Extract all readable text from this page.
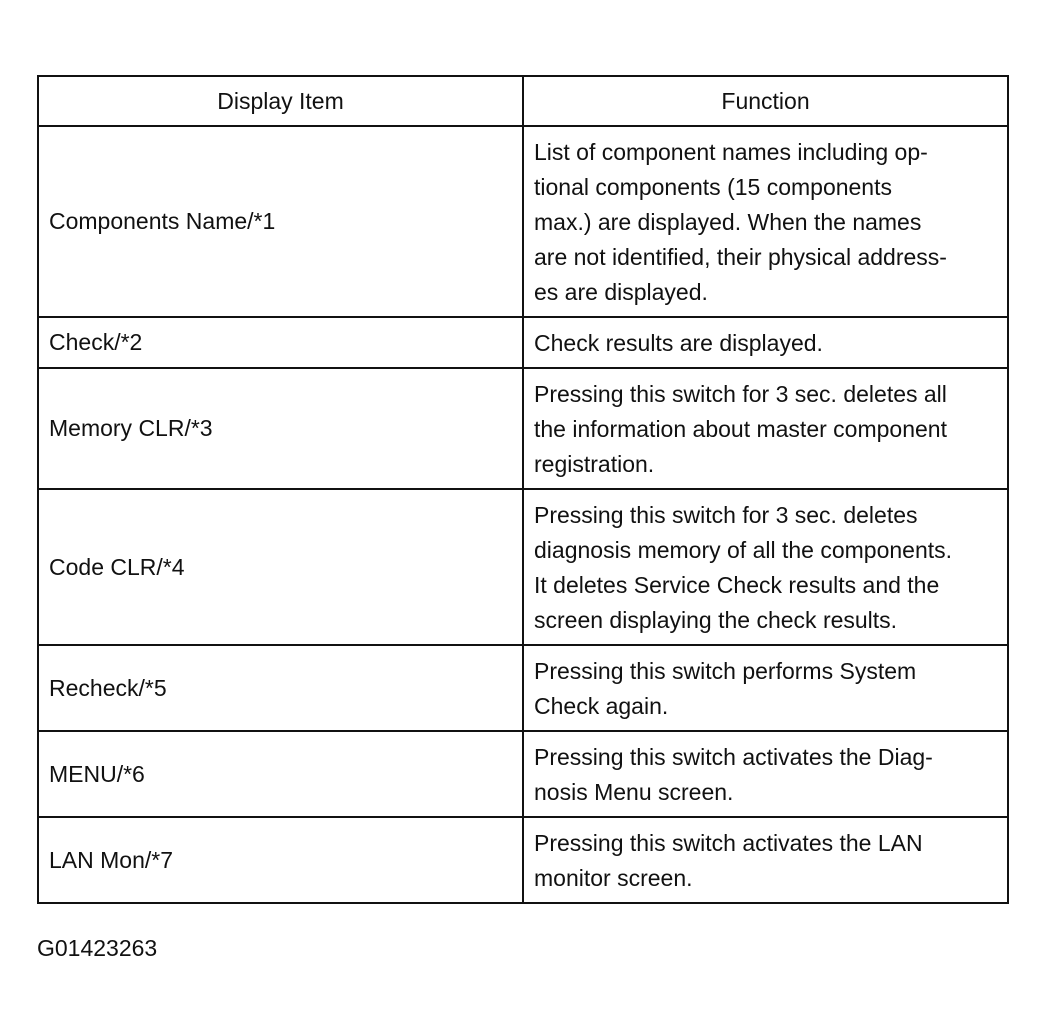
Display Item	Function
Components Name/*1	List of component names including op-
tional components (15 components
max.) are displayed. When the names
are not identified, their physical address-
es are displayed.

Check/*2	Check results are displayed.

Memory CLR/*3	Pressing this switch for 3 sec. deletes all
the information about master component
registration.

Code CLR/*4	Pressing this switch for 3 sec. deletes
diagnosis memory of all the components.
It deletes Service Check results and the
screen displaying the check results.

Recheck/*5	Pressing this switch performs System
Check again.

MENU/*6	Pressing this switch activates the Diag-
nosis Menu screen.

LAN Mon/*7	Pressing this switch activates the LAN
monitor screen.
G01423263
